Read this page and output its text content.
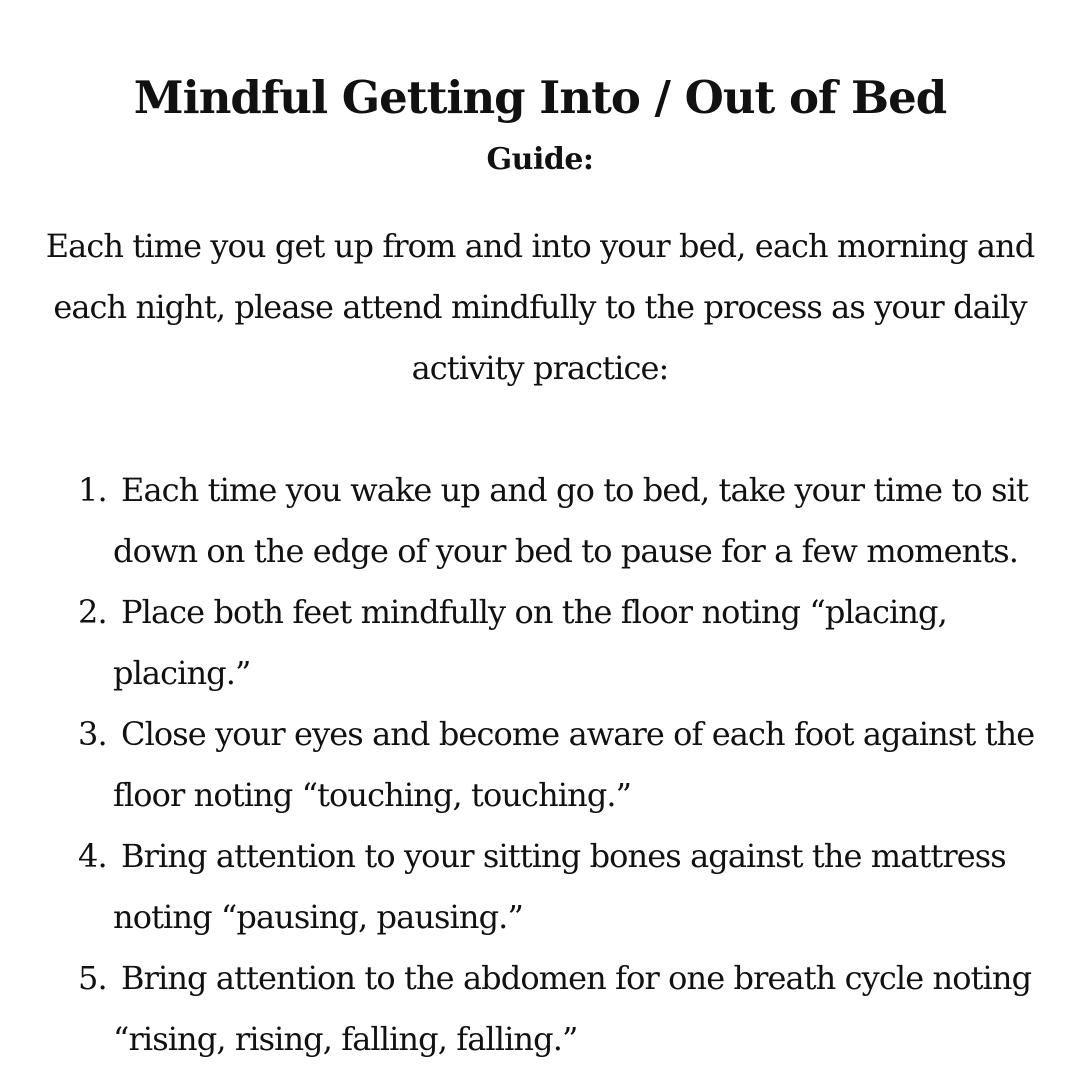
Mindful Getting Into / Out of Bed
Guide:
Each time you get up from and into your bed, each morning and each night, please attend mindfully to the process as your daily activity practice:
1. Each time you wake up and go to bed, take your time to sit down on the edge of your bed to pause for a few moments.
2. Place both feet mindfully on the floor noting “placing, placing.”
3. Close your eyes and become aware of each foot against the floor noting “touching, touching.”
4. Bring attention to your sitting bones against the mattress noting “pausing, pausing.”
5. Bring attention to the abdomen for one breath cycle noting “rising, rising, falling, falling.”
